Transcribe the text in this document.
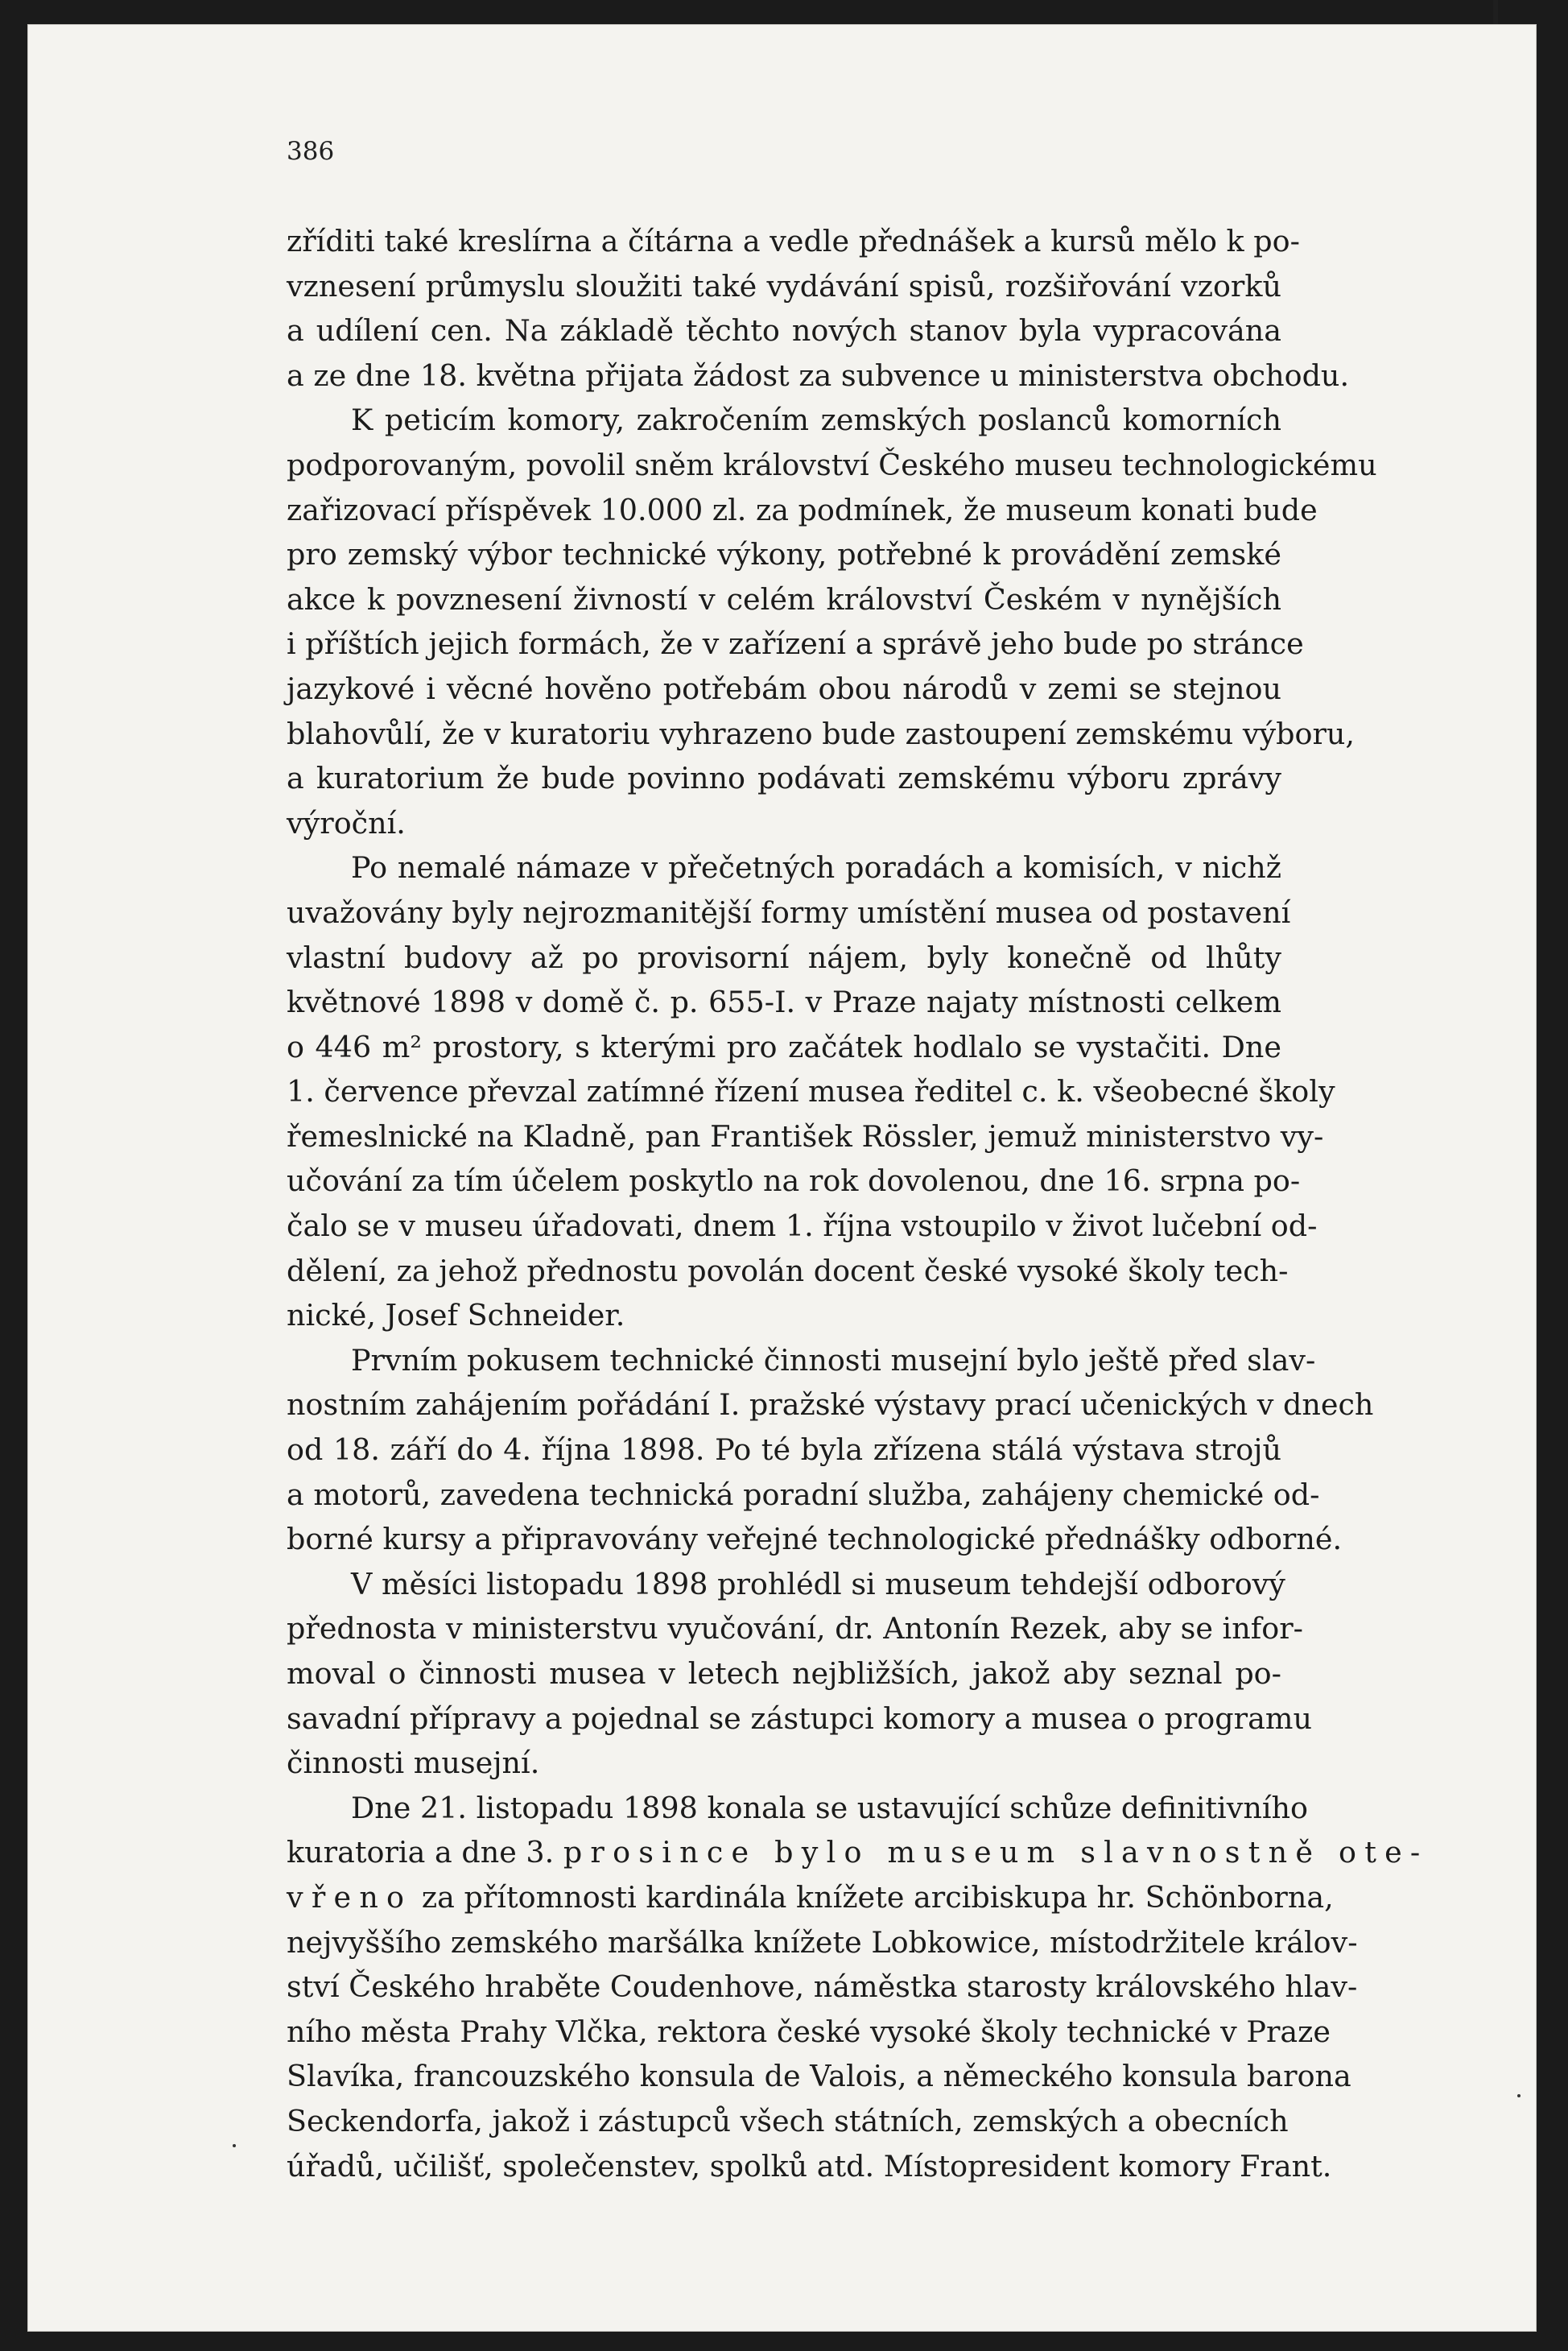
386
zříditi také kreslírna a čítárna a vedle přednášek a kursů mělo k po-
vznesení průmyslu sloužiti také vydávání spisů, rozšiřování vzorků
a udílení cen. Na základě těchto nových stanov byla vypracována
a ze dne 18. května přijata žádost za subvence u ministerstva obchodu.
K peticím komory, zakročením zemských poslanců komorních
podporovaným, povolil sněm království Českého museu technologickému
zařizovací příspěvek 10.000 zl. za podmínek, že museum konati bude
pro zemský výbor technické výkony, potřebné k provádění zemské
akce k povznesení živností v celém království Českém v nynějších
i příštích jejich formách, že v zařízení a správě jeho bude po stránce
jazykové i věcné hověno potřebám obou národů v zemi se stejnou
blahovůlí, že v kuratoriu vyhrazeno bude zastoupení zemskému výboru,
a kuratorium že bude povinno podávati zemskému výboru zprávy
výroční.
Po nemalé námaze v přečetných poradách a komisích, v nichž
uvažovány byly nejrozmanitější formy umístění musea od postavení
vlastní budovy až po provisorní nájem, byly konečně od lhůty
květnové 1898 v domě č. p. 655-I. v Praze najaty místnosti celkem
o 446 m² prostory, s kterými pro začátek hodlalo se vystačiti. Dne
1. července převzal zatímné řízení musea ředitel c. k. všeobecné školy
řemeslnické na Kladně, pan František Rössler, jemuž ministerstvo vy-
učování za tím účelem poskytlo na rok dovolenou, dne 16. srpna po-
čalo se v museu úřadovati, dnem 1. října vstoupilo v život lučební od-
dělení, za jehož přednostu povolán docent české vysoké školy tech-
nické, Josef Schneider.
Prvním pokusem technické činnosti musejní bylo ještě před slav-
nostním zahájením pořádání I. pražské výstavy prací učenických v dnech
od 18. září do 4. října 1898. Po té byla zřízena stálá výstava strojů
a motorů, zavedena technická poradní služba, zahájeny chemické od-
borné kursy a připravovány veřejné technologické přednášky odborné.
V měsíci listopadu 1898 prohlédl si museum tehdejší odborový
přednosta v ministerstvu vyučování, dr. Antonín Rezek, aby se infor-
moval o činnosti musea v letech nejbližších, jakož aby seznal po-
savadní přípravy a pojednal se zástupci komory a musea o programu
činnosti musejní.
Dne 21. listopadu 1898 konala se ustavující schůze definitivního
kuratoria a dne 3. prosince bylo museum slavnostně ote-
vřeno za přítomnosti kardinála knížete arcibiskupa hr. Schönborna,
nejvyššího zemského maršálka knížete Lobkowice, místodržitele králov-
ství Českého hraběte Coudenhove, náměstka starosty královského hlav-
ního města Prahy Vlčka, rektora české vysoké školy technické v Praze
Slavíka, francouzského konsula de Valois, a německého konsula barona
Seckendorfa, jakož i zástupců všech státních, zemských a obecních
úřadů, učilišť, společenstev, spolků atd. Místopresident komory Frant.
